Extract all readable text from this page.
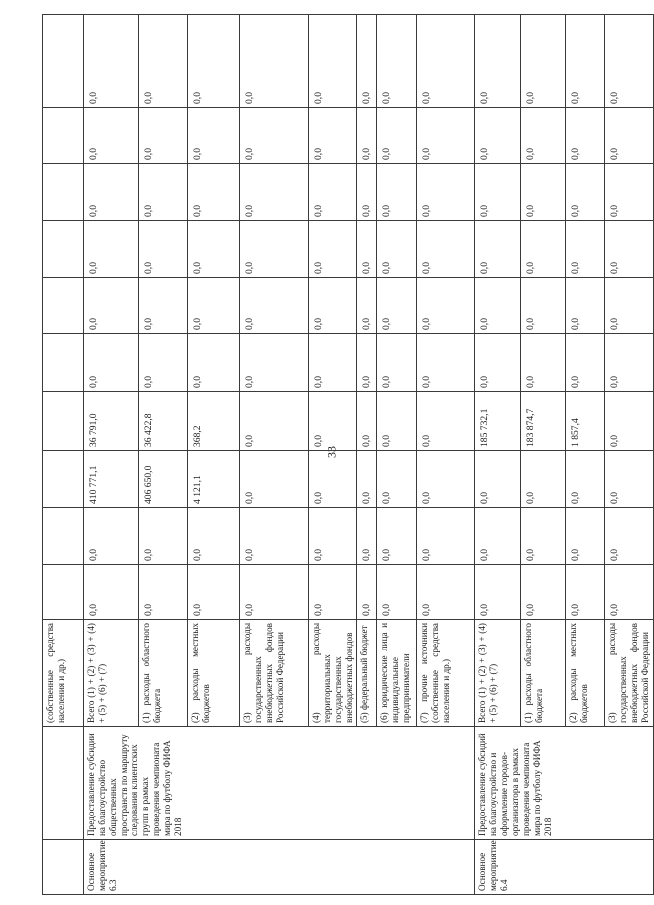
33
		(собственные средства населения и др.)											
Основное мероприятие 6.3	Предоставление субсидии на благоустройство общественных пространств по маршруту следования клиентских групп в рамках проведения чемпионата мира по футболу ФИФА 2018	Всего (1) + (2) + (3) + (4) + (5) + (6) + (7)	0,0	0,0	410 771,1	36 791,0	0,0	0,0	0,0	0,0	0,0	0,0	
		(1) расходы областного бюджета	0,0	0,0	406 650,0	36 422,8	0,0	0,0	0,0	0,0	0,0	0,0	
		(2) расходы местных бюджетов	0,0	0,0	4 121,1	368,2	0,0	0,0	0,0	0,0	0,0	0,0	
		(3) расходы государственных внебюджетных фондов Российской Федерации	0,0	0,0	0,0	0,0	0,0	0,0	0,0	0,0	0,0	0,0	
		(4) расходы территориальных государственных внебюджетных фондов	0,0	0,0	0,0	0,0	0,0	0,0	0,0	0,0	0,0	0,0	
		(5) федеральный бюджет	0,0	0,0	0,0	0,0	0,0	0,0	0,0	0,0	0,0	0,0	
		(6) юридические лица и индивидуальные предприниматели	0,0	0,0	0,0	0,0	0,0	0,0	0,0	0,0	0,0	0,0	
		(7) прочие источники (собственные средства населения и др.)	0,0	0,0	0,0	0,0	0,0	0,0	0,0	0,0	0,0	0,0	
Основное мероприятие 6.4	Предоставление субсидий на благоустройство и оформление городов-организатора в рамках проведения чемпионата мира по футболу ФИФА 2018	Всего (1) + (2) + (3) + (4) + (5) + (6) + (7)	0,0	0,0	0,0	185 732,1	0,0	0,0	0,0	0,0	0,0	0,0	
		(1) расходы областного бюджета	0,0	0,0	0,0	183 874,7	0,0	0,0	0,0	0,0	0,0	0,0	
		(2) расходы местных бюджетов	0,0	0,0	0,0	1 857,4	0,0	0,0	0,0	0,0	0,0	0,0	
		(3) расходы государственных внебюджетных фондов Российской Федерации	0,0	0,0	0,0	0,0	0,0	0,0	0,0	0,0	0,0	0,0	
